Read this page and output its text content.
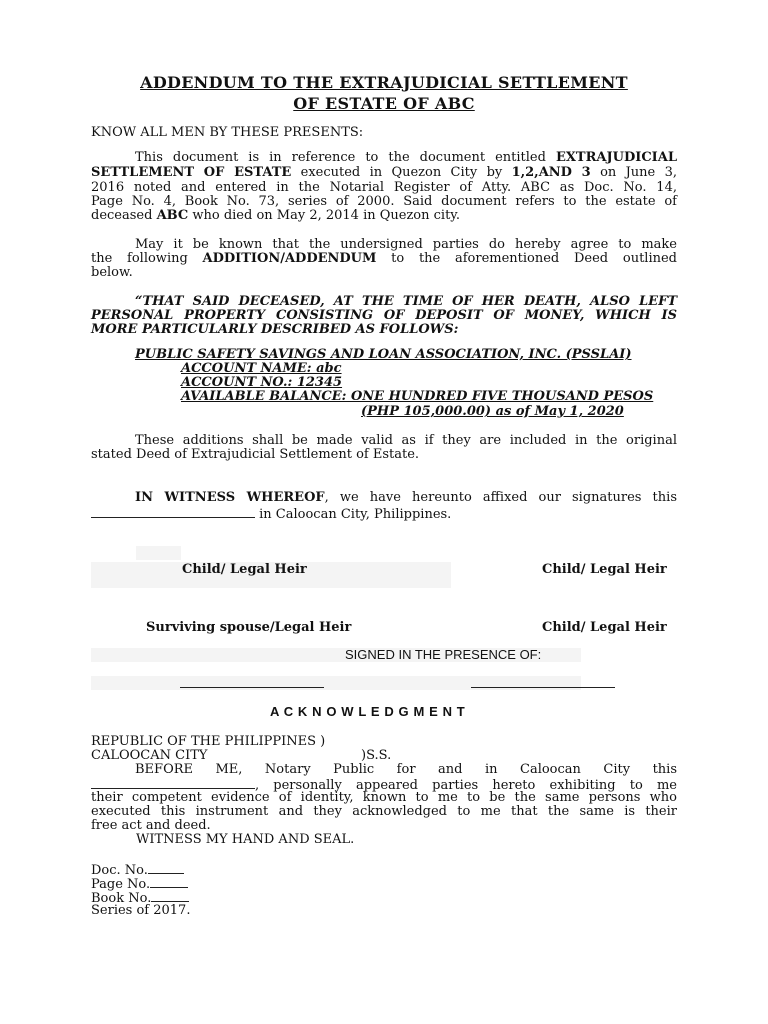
ADDENDUM TO THE EXTRAJUDICIAL SETTLEMENT
OF ESTATE OF ABC
KNOW ALL MEN BY THESE PRESENTS:
This document is in reference to the document entitled EXTRAJUDICIAL
SETTLEMENT OF ESTATE executed in Quezon City by 1,2,AND 3 on June 3,
2016 noted and entered in the Notarial Register of Atty. ABC as Doc. No. 14,
Page No. 4, Book No. 73, series of 2000. Said document refers to the estate of
deceased ABC who died on May 2, 2014 in Quezon city.
May it be known that the undersigned parties do hereby agree to make
the following ADDITION/ADDENDUM to the aforementioned Deed outlined
below.
“THAT SAID DECEASED, AT THE TIME OF HER DEATH, ALSO LEFT
PERSONAL PROPERTY CONSISTING OF DEPOSIT OF MONEY, WHICH IS
MORE PARTICULARLY DESCRIBED AS FOLLOWS:
PUBLIC SAFETY SAVINGS AND LOAN ASSOCIATION, INC. (PSSLAI)
ACCOUNT NAME: abc
ACCOUNT NO.: 12345
AVAILABLE BALANCE: ONE HUNDRED FIVE THOUSAND PESOS
(PHP 105,000.00) as of May 1, 2020
These additions shall be made valid as if they are included in the original
stated Deed of Extrajudicial Settlement of Estate.
IN WITNESS WHEREOF, we have hereunto affixed our signatures this
in Caloocan City, Philippines.
Child/ Legal Heir	Child/ Legal Heir
Surviving spouse/Legal Heir	Child/ Legal Heir
SIGNED IN THE PRESENCE OF:
A C K N O W L E D G M E N T
REPUBLIC OF THE PHILIPPINES )
CALOOCAN CITY	)S.S.
BEFORE ME, Notary Public for and in Caloocan City this
, personally appeared parties hereto exhibiting to me
their competent evidence of identity, known to me to be the same persons who
executed this instrument and they acknowledged to me that the same is their
free act and deed.
WITNESS MY HAND AND SEAL.
Doc. No.
Page No.
Book No.
Series of 2017.
